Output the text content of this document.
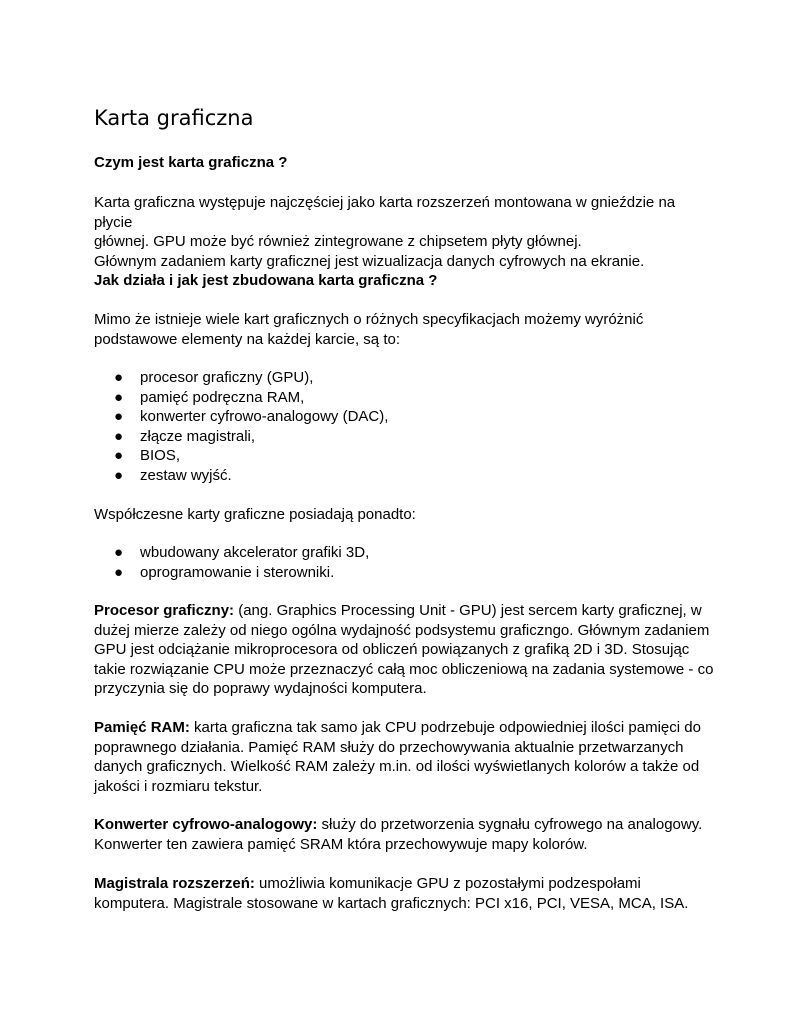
Karta graficzna

Czym jest karta graficzna ?

Karta graficzna występuje najczęściej jako karta rozszerzeń montowana w gnieździe na płycie
głównej. GPU może być również zintegrowane z chipsetem płyty głównej.
Głównym zadaniem karty graficznej jest wizualizacja danych cyfrowych na ekranie.

Jak działa i jak jest zbudowana karta graficzna ?

Mimo że istnieje wiele kart graficznych o różnych specyfikacjach możemy wyróżnić
podstawowe elementy na każdej karcie, są to:

● procesor graficzny (GPU),
● pamięć podręczna RAM,
● konwerter cyfrowo-analogowy (DAC),
● złącze magistrali,
● BIOS,
● zestaw wyjść.

Współczesne karty graficzne posiadają ponadto:

● wbudowany akcelerator grafiki 3D,
● oprogramowanie i sterowniki.

Procesor graficzny: (ang. Graphics Processing Unit - GPU) jest sercem karty graficznej, w
dużej mierze zależy od niego ogólna wydajność podsystemu graficzngo. Głównym zadaniem
GPU jest odciążanie mikroprocesora od obliczeń powiązanych z grafiką 2D i 3D. Stosując
takie rozwiązanie CPU może przeznaczyć całą moc obliczeniową na zadania systemowe - co
przyczynia się do poprawy wydajności komputera.

Pamięć RAM: karta graficzna tak samo jak CPU podrzebuje odpowiedniej ilości pamięci do
poprawnego działania. Pamięć RAM służy do przechowywania aktualnie przetwarzanych
danych graficznych. Wielkość RAM zależy m.in. od ilości wyświetlanych kolorów a także od
jakości i rozmiaru tekstur.

Konwerter cyfrowo-analogowy: służy do przetworzenia sygnału cyfrowego na analogowy.
Konwerter ten zawiera pamięć SRAM która przechowywuje mapy kolorów.

Magistrala rozszerzeń: umożliwia komunikacje GPU z pozostałymi podzespołami
komputera. Magistrale stosowane w kartach graficznych: PCI x16, PCI, VESA, MCA, ISA.
